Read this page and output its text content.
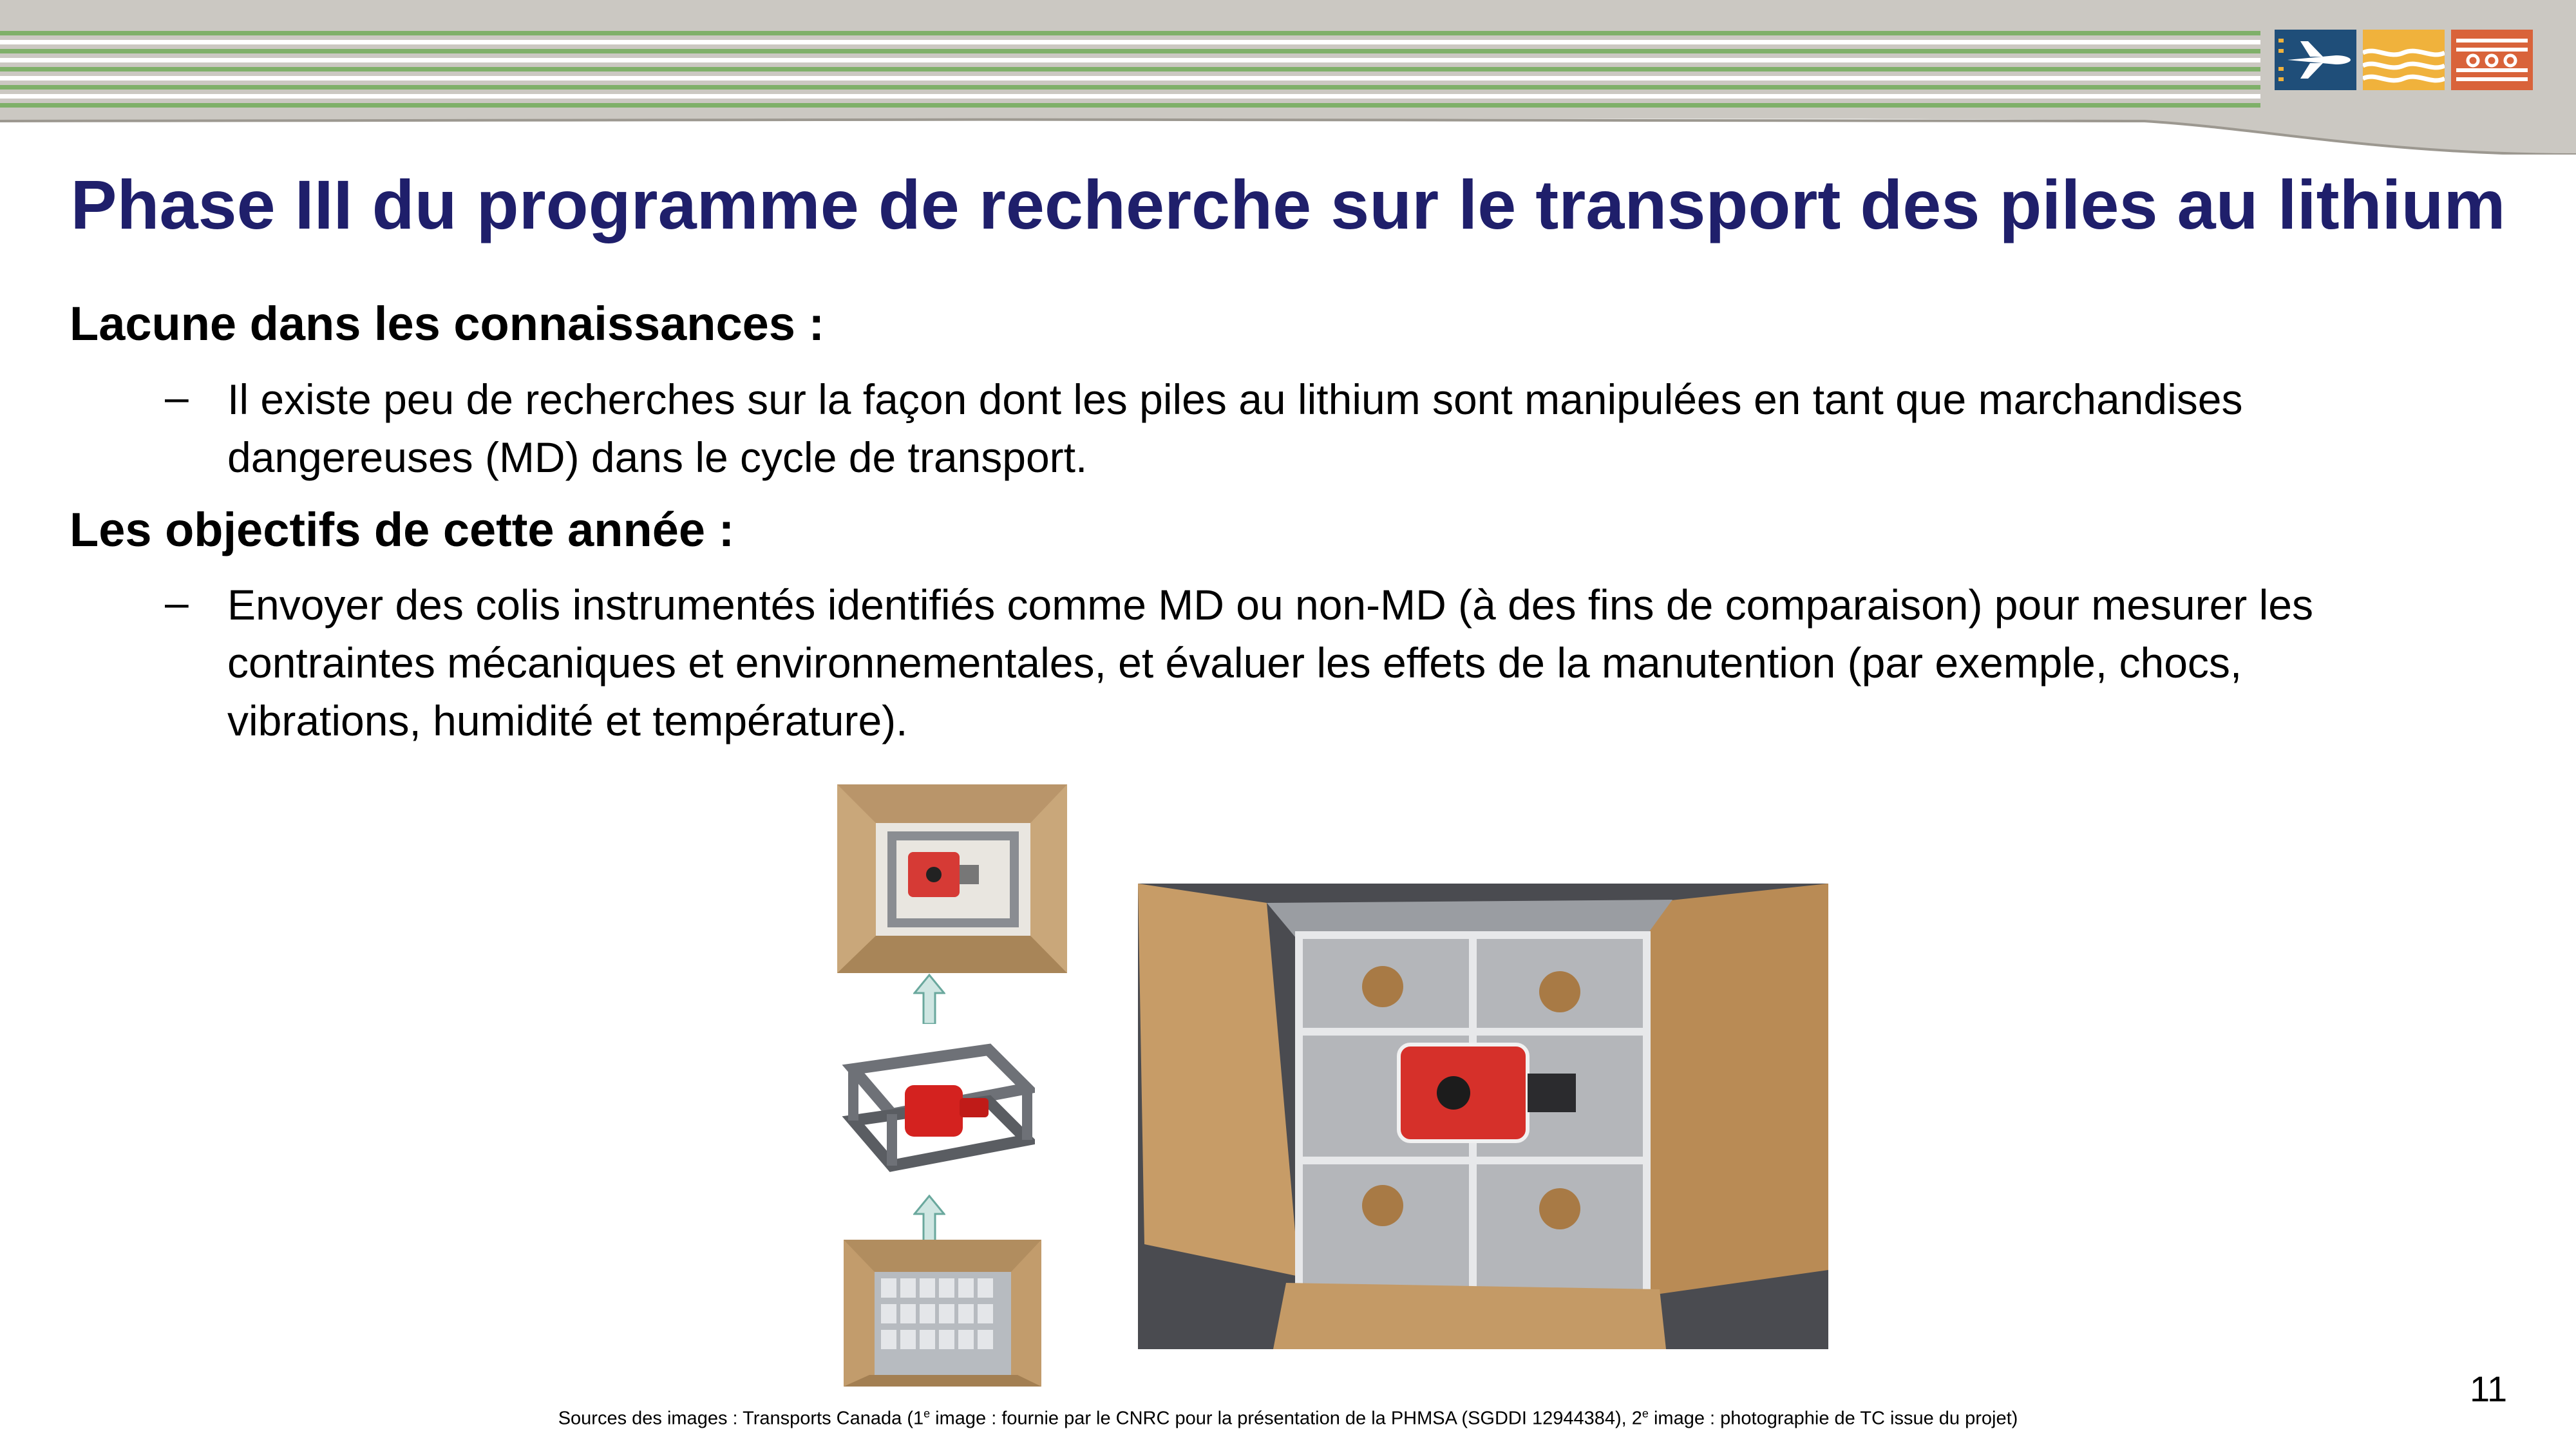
Phase III du programme de recherche sur le transport des piles au lithium
Lacune dans les connaissances :
– Il existe peu de recherches sur la façon dont les piles au lithium sont manipulées en tant que marchandises
dangereuses (MD) dans le cycle de transport.
Les objectifs de cette année :
– Envoyer des colis instrumentés identifiés comme MD ou non-MD (à des fins de comparaison) pour mesurer les
contraintes mécaniques et environnementales, et évaluer les effets de la manutention (par exemple, chocs,
vibrations, humidité et température).
Sources des images : Transports Canada (1e image : fournie par le CNRC pour la présentation de la PHMSA (SGDDI 12944384), 2e image : photographie de TC issue du projet)
11
